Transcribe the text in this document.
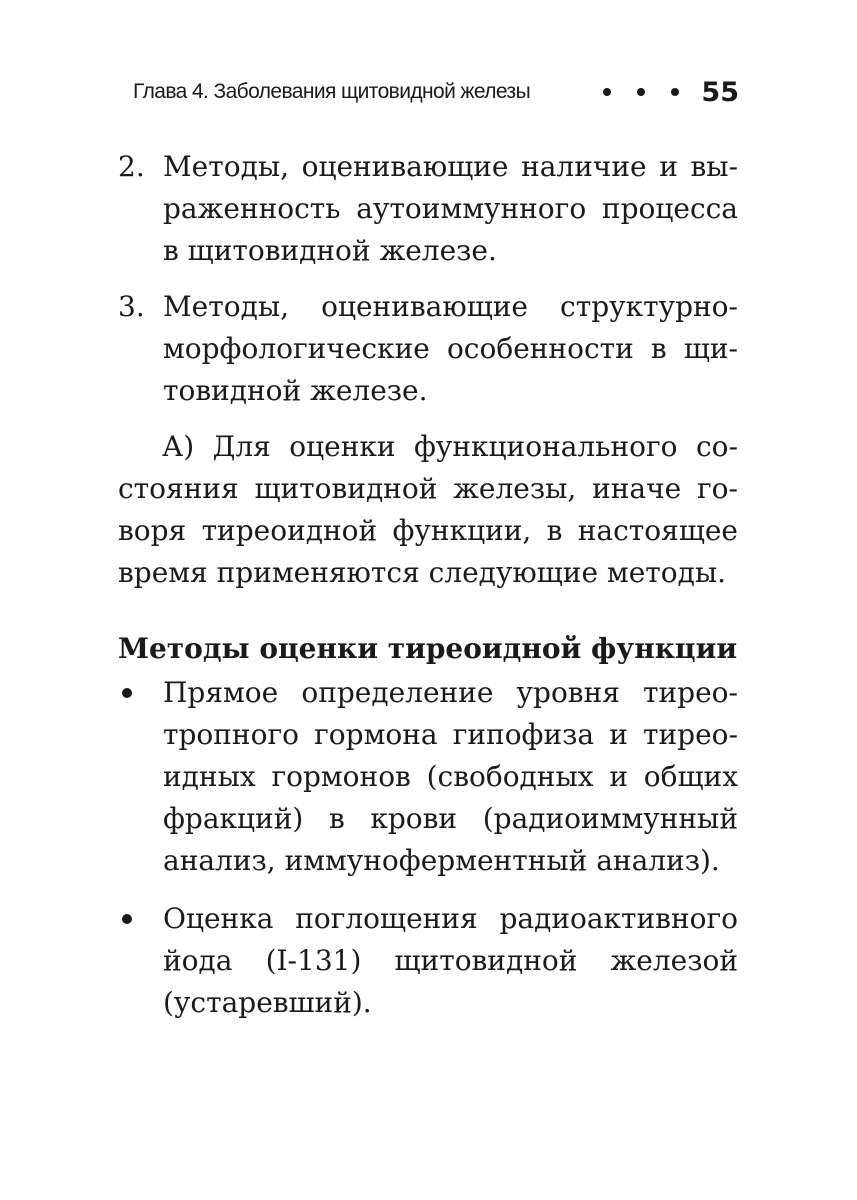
Глава 4. Заболевания щитовидной железы	55
2. Методы, оценивающие наличие и выраженность аутоиммунного процесса в щитовидной железе.
3. Методы, оценивающие структурно-морфологические особенности в щитовидной железе.

А) Для оценки функционального состояния щитовидной железы, иначе говоря тиреоидной функции, в настоящее время применяются следующие методы.

Методы оценки тиреоидной функции
Прямое определение уровня тиреотропного гормона гипофиза и тиреоидных гормонов (свободных и общих фракций) в крови (радиоиммунный анализ, иммуноферментный анализ).
Оценка поглощения радиоактивного йода (I-131) щитовидной железой (устаревший).
